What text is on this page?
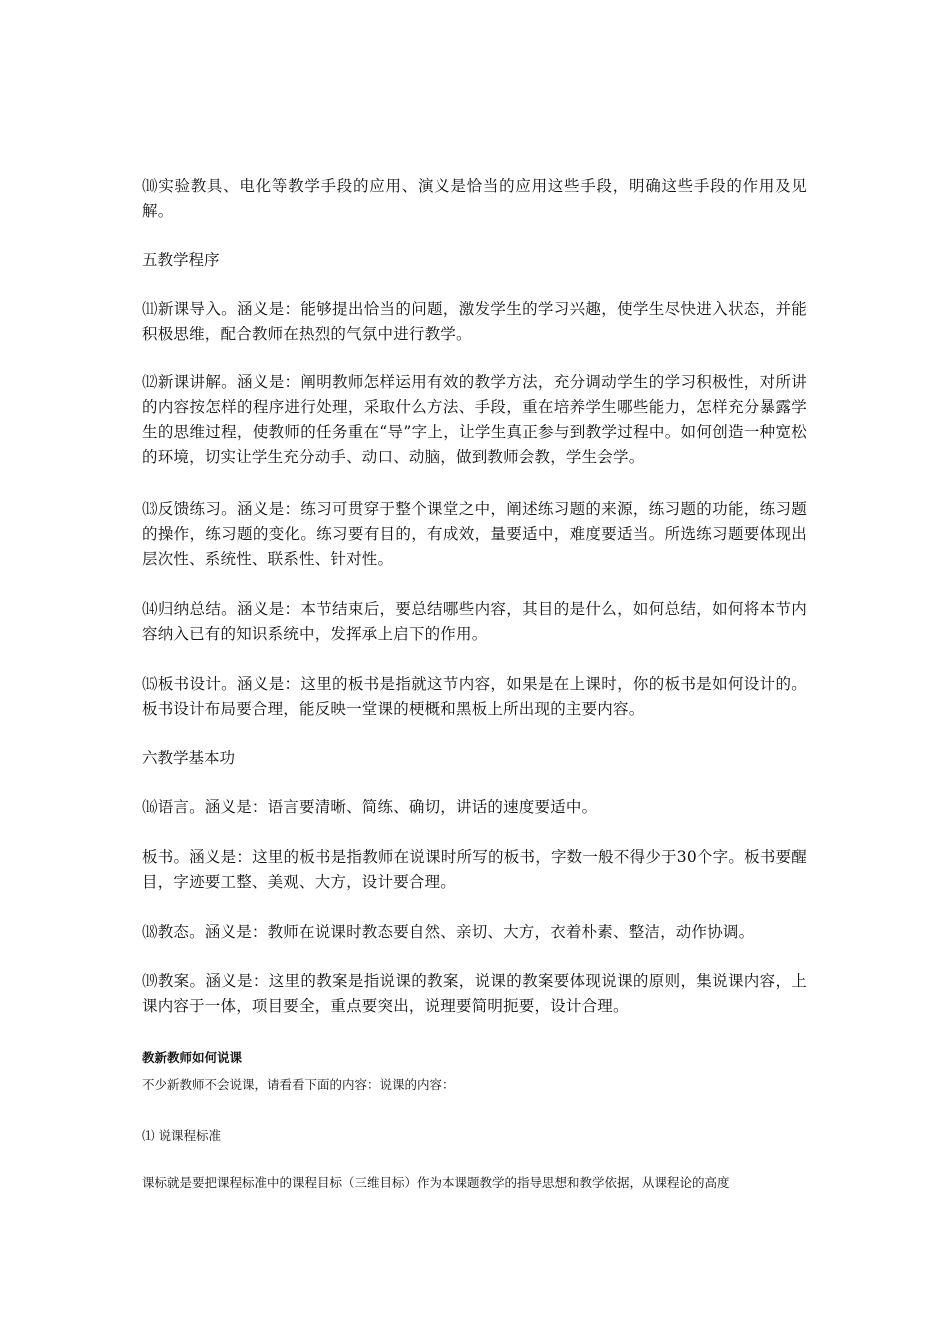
⑽实验教具、电化等教学手段的应用、演义是恰当的应用这些手段，明确这些手段的作用及见解。

五教学程序

⑾新课导入。涵义是：能够提出恰当的问题，激发学生的学习兴趣，使学生尽快进入状态，并能积极思维，配合教师在热烈的气氛中进行教学。

⑿新课讲解。涵义是：阐明教师怎样运用有效的教学方法，充分调动学生的学习积极性，对所讲的内容按怎样的程序进行处理，采取什么方法、手段，重在培养学生哪些能力，怎样充分暴露学生的思维过程，使教师的任务重在“导”字上，让学生真正参与到教学过程中。如何创造一种宽松的环境，切实让学生充分动手、动口、动脑，做到教师会教，学生会学。

⒀反馈练习。涵义是：练习可贯穿于整个课堂之中，阐述练习题的来源，练习题的功能，练习题的操作，练习题的变化。练习要有目的，有成效，量要适中，难度要适当。所选练习题要体现出层次性、系统性、联系性、针对性。

⒁归纳总结。涵义是：本节结束后，要总结哪些内容，其目的是什么，如何总结，如何将本节内容纳入已有的知识系统中，发挥承上启下的作用。

⒂板书设计。涵义是：这里的板书是指就这节内容，如果是在上课时，你的板书是如何设计的。板书设计布局要合理，能反映一堂课的梗概和黑板上所出现的主要内容。

六教学基本功

⒃语言。涵义是：语言要清晰、简练、确切，讲话的速度要适中。

板书。涵义是：这里的板书是指教师在说课时所写的板书，字数一般不得少于30个字。板书要醒目，字迹要工整、美观、大方，设计要合理。

⒅教态。涵义是：教师在说课时教态要自然、亲切、大方，衣着朴素、整洁，动作协调。

⒆教案。涵义是：这里的教案是指说课的教案，说课的教案要体现说课的原则，集说课内容，上课内容于一体，项目要全，重点要突出，说理要简明扼要，设计合理。

教新教师如何说课

不少新教师不会说课，请看看下面的内容：说课的内容：

⑴ 说课程标准

课标就是要把课程标准中的课程目标（三维目标）作为本课题教学的指导思想和教学依据，从课程论的高度
